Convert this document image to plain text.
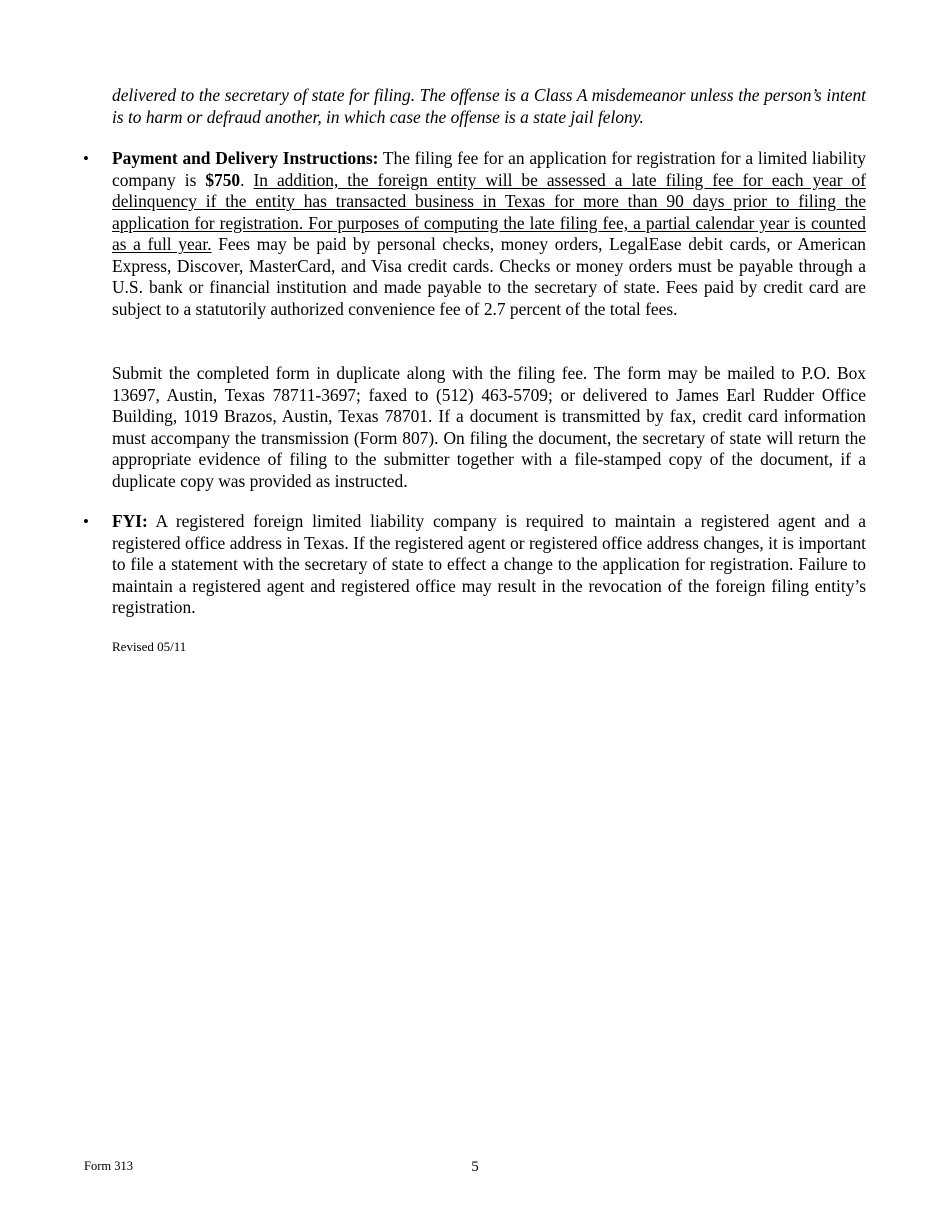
delivered to the secretary of state for filing. The offense is a Class A misdemeanor unless the person’s intent is to harm or defraud another, in which case the offense is a state jail felony.

• Payment and Delivery Instructions: The filing fee for an application for registration for a limited liability company is $750. In addition, the foreign entity will be assessed a late filing fee for each year of delinquency if the entity has transacted business in Texas for more than 90 days prior to filing the application for registration. For purposes of computing the late filing fee, a partial calendar year is counted as a full year. Fees may be paid by personal checks, money orders, LegalEase debit cards, or American Express, Discover, MasterCard, and Visa credit cards. Checks or money orders must be payable through a U.S. bank or financial institution and made payable to the secretary of state. Fees paid by credit card are subject to a statutorily authorized convenience fee of 2.7 percent of the total fees.

Submit the completed form in duplicate along with the filing fee. The form may be mailed to P.O. Box 13697, Austin, Texas 78711-3697; faxed to (512) 463-5709; or delivered to James Earl Rudder Office Building, 1019 Brazos, Austin, Texas 78701. If a document is transmitted by fax, credit card information must accompany the transmission (Form 807). On filing the document, the secretary of state will return the appropriate evidence of filing to the submitter together with a file-stamped copy of the document, if a duplicate copy was provided as instructed.

• FYI: A registered foreign limited liability company is required to maintain a registered agent and a registered office address in Texas. If the registered agent or registered office address changes, it is important to file a statement with the secretary of state to effect a change to the application for registration. Failure to maintain a registered agent and registered office may result in the revocation of the foreign filing entity’s registration.

Revised 05/11
Form 313	5
